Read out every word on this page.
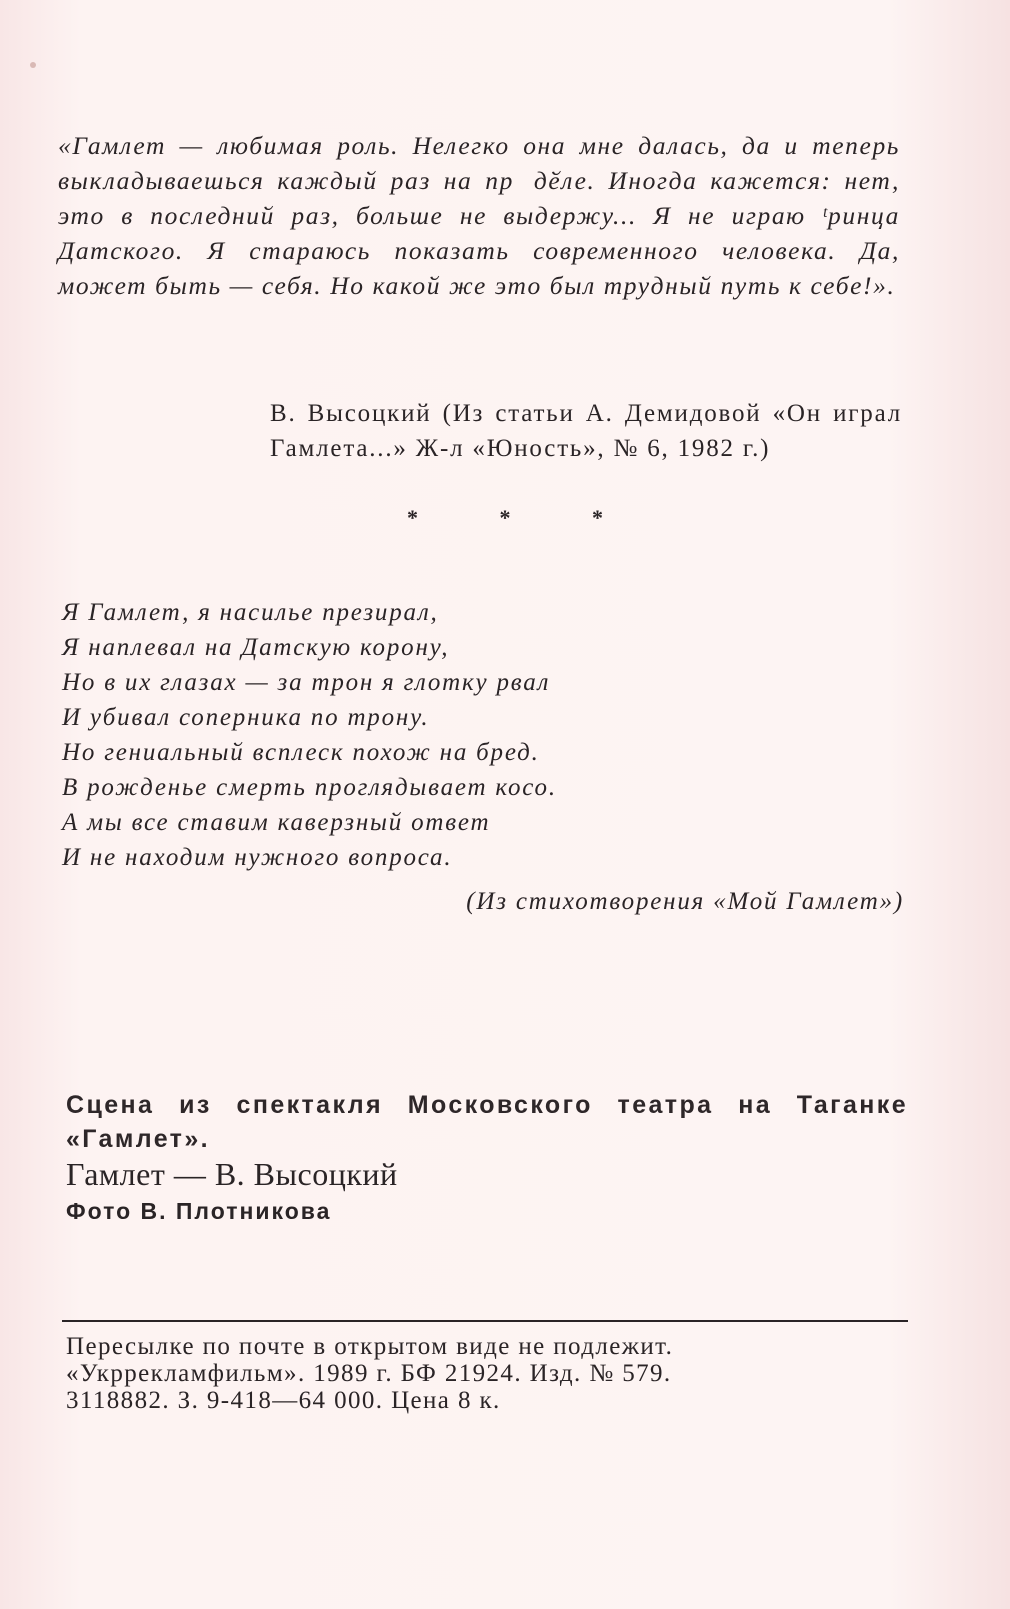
«Гамлет — любимая роль. Нелегко она мне далась, да и теперь выкладываешься каждый раз на пр᷑дӗле. Иногда кажется: нет, это в последний раз, больше не выдержу... Я не играю ᵗринца Датского. Я стараюсь показать современного человека. Да, может быть — себя. Но какой же это был трудный путь к себе!».
В. Высоцкий (Из статьи А. Демидовой «Он играл Гамлета...» Ж-л «Юность», № 6, 1982 г.)
* * *
Я Гамлет, я насилье презирал,
Я наплевал на Датскую корону,
Но в их глазах — за трон я глотку рвал
И убивал соперника по трону.
Но гениальный всплеск похож на бред.
В рожденье смерть проглядывает косо.
А мы все ставим каверзный ответ
И не находим нужного вопроса.
(Из стихотворения «Мой Гамлет»)
Сцена из спектакля Московского театра на Таганке «Гамлет».
Гамлет — В. Высоцкий
Фото В. Плотникова
Пересылке по почте в открытом виде не подлежит.
«Укррекламфильм». 1989 г. БФ 21924. Изд. № 579.
3118882. З. 9-418—64 000. Цена 8 к.
